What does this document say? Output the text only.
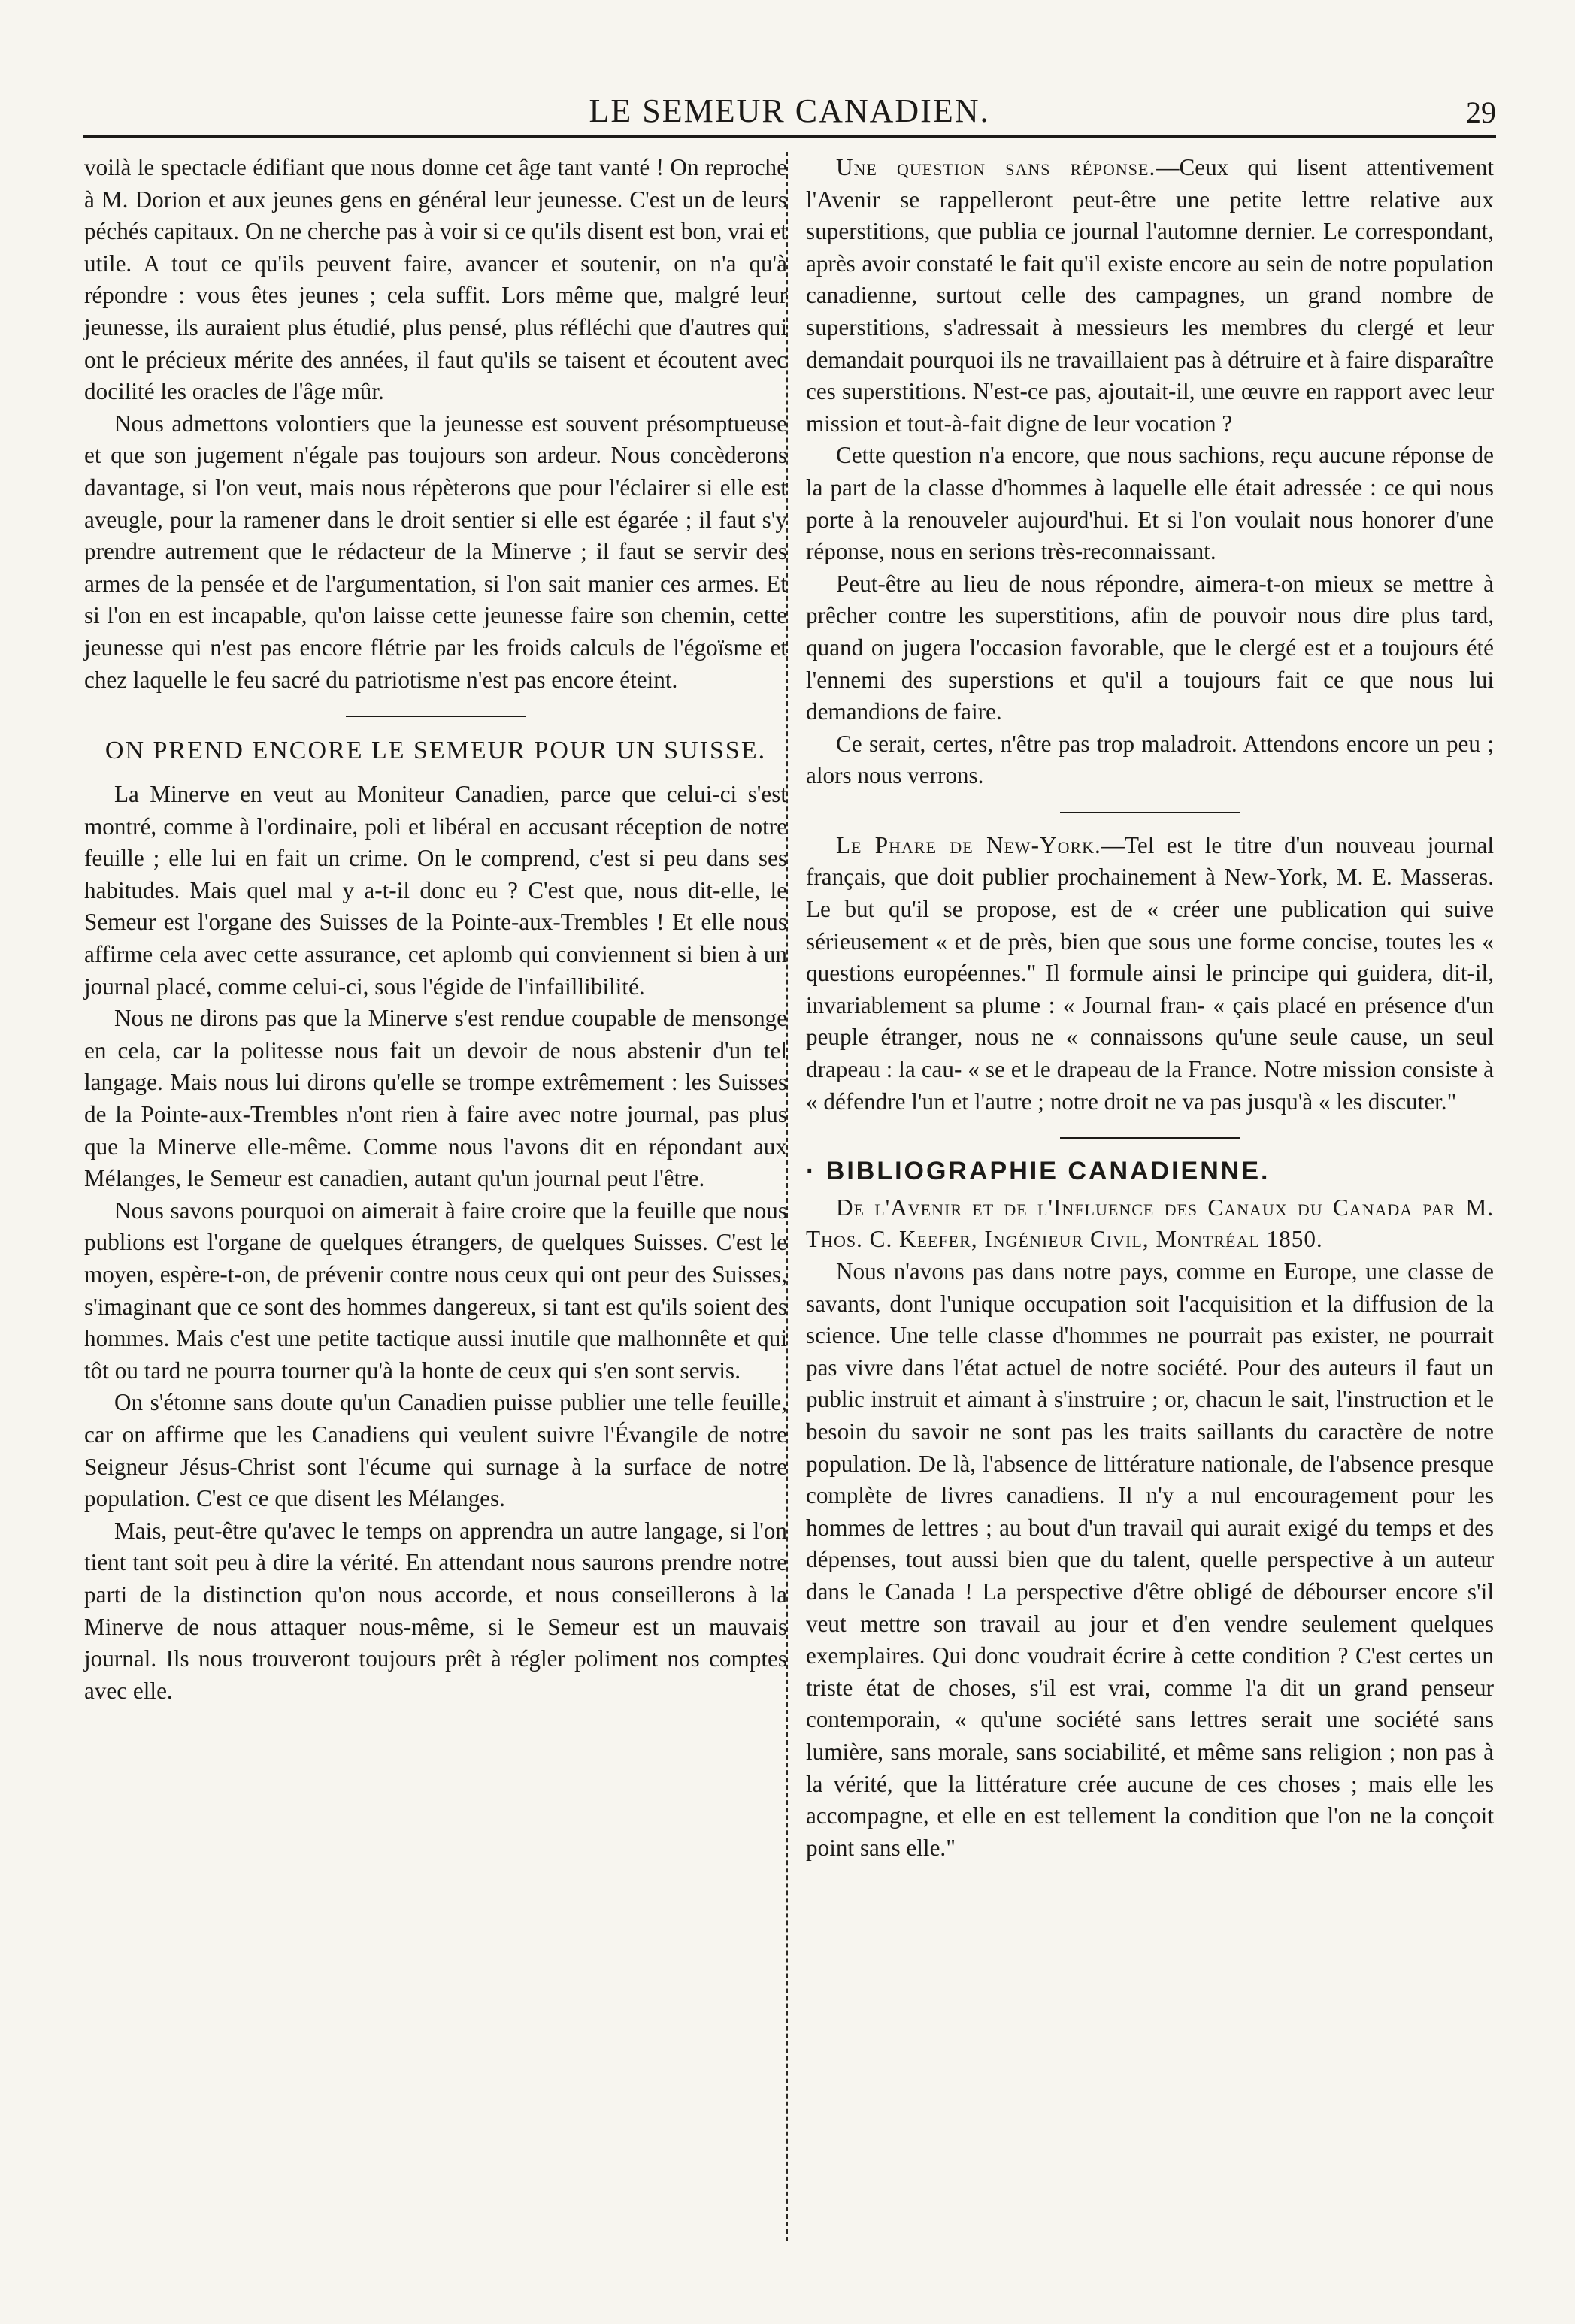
LE SEMEUR CANADIEN.	29

voilà le spectacle édifiant que nous donne cet âge tant vanté ! On reproche à M. Dorion et aux jeunes gens en général leur jeunesse. C'est un de leurs péchés capitaux. On ne cherche pas à voir si ce qu'ils disent est bon, vrai et utile. A tout ce qu'ils peuvent faire, avancer et soutenir, on n'a qu'à répondre : vous êtes jeunes ; cela suffit. Lors même que, malgré leur jeunesse, ils auraient plus étudié, plus pensé, plus réfléchi que d'autres qui ont le précieux mérite des années, il faut qu'ils se taisent et écoutent avec docilité les oracles de l'âge mûr.

Nous admettons volontiers que la jeunesse est souvent présomptueuse et que son jugement n'égale pas toujours son ardeur. Nous concèderons davantage, si l'on veut, mais nous répèterons que pour l'éclairer si elle est aveugle, pour la ramener dans le droit sentier si elle est égarée ; il faut s'y prendre autrement que le rédacteur de la Minerve ; il faut se servir des armes de la pensée et de l'argumentation, si l'on sait manier ces armes. Et si l'on en est incapable, qu'on laisse cette jeunesse faire son chemin, cette jeunesse qui n'est pas encore flétrie par les froids calculs de l'égoïsme et chez laquelle le feu sacré du patriotisme n'est pas encore éteint.

ON PREND ENCORE LE SEMEUR POUR UN SUISSE.

La Minerve en veut au Moniteur Canadien, parce que celui-ci s'est montré, comme à l'ordinaire, poli et libéral en accusant réception de notre feuille ; elle lui en fait un crime. On le comprend, c'est si peu dans ses habitudes. Mais quel mal y a-t-il donc eu ? C'est que, nous dit-elle, le Semeur est l'organe des Suisses de la Pointe-aux-Trembles ! Et elle nous affirme cela avec cette assurance, cet aplomb qui conviennent si bien à un journal placé, comme celui-ci, sous l'égide de l'infaillibilité.

Nous ne dirons pas que la Minerve s'est rendue coupable de mensonge en cela, car la politesse nous fait un devoir de nous abstenir d'un tel langage. Mais nous lui dirons qu'elle se trompe extrêmement : les Suisses de la Pointe-aux-Trembles n'ont rien à faire avec notre journal, pas plus que la Minerve elle-même. Comme nous l'avons dit en répondant aux Mélanges, le Semeur est canadien, autant qu'un journal peut l'être.

Nous savons pourquoi on aimerait à faire croire que la feuille que nous publions est l'organe de quelques étrangers, de quelques Suisses. C'est le moyen, espère-t-on, de prévenir contre nous ceux qui ont peur des Suisses, s'imaginant que ce sont des hommes dangereux, si tant est qu'ils soient des hommes. Mais c'est une petite tactique aussi inutile que malhonnête et qui tôt ou tard ne pourra tourner qu'à la honte de ceux qui s'en sont servis.

On s'étonne sans doute qu'un Canadien puisse publier une telle feuille, car on affirme que les Canadiens qui veulent suivre l'Évangile de notre Seigneur Jésus-Christ sont l'écume qui surnage à la surface de notre population. C'est ce que disent les Mélanges.

Mais, peut-être qu'avec le temps on apprendra un autre langage, si l'on tient tant soit peu à dire la vérité. En attendant nous saurons prendre notre parti de la distinction qu'on nous accorde, et nous conseillerons à la Minerve de nous attaquer nous-même, si le Semeur est un mauvais journal. Ils nous trouveront toujours prêt à régler poliment nos comptes avec elle.

Une question sans réponse.—Ceux qui lisent attentivement l'Avenir se rappelleront peut-être une petite lettre relative aux superstitions, que publia ce journal l'automne dernier. Le correspondant, après avoir constaté le fait qu'il existe encore au sein de notre population canadienne, surtout celle des campagnes, un grand nombre de superstitions, s'adressait à messieurs les membres du clergé et leur demandait pourquoi ils ne travaillaient pas à détruire et à faire disparaître ces superstitions. N'est-ce pas, ajoutait-il, une œuvre en rapport avec leur mission et tout-à-fait digne de leur vocation ?

Cette question n'a encore, que nous sachions, reçu aucune réponse de la part de la classe d'hommes à laquelle elle était adressée : ce qui nous porte à la renouveler aujourd'hui. Et si l'on voulait nous honorer d'une réponse, nous en serions très-reconnaissant.

Peut-être au lieu de nous répondre, aimera-t-on mieux se mettre à prêcher contre les superstitions, afin de pouvoir nous dire plus tard, quand on jugera l'occasion favorable, que le clergé est et a toujours été l'ennemi des superstions et qu'il a toujours fait ce que nous lui demandions de faire.

Ce serait, certes, n'être pas trop maladroit. Attendons encore un peu ; alors nous verrons.

Le Phare de New-York.—Tel est le titre d'un nouveau journal français, que doit publier prochainement à New-York, M. E. Masseras. Le but qu'il se propose, est de « créer une publication qui suive sérieusement « et de près, bien que sous une forme concise, toutes les « questions européennes." Il formule ainsi le principe qui guidera, dit-il, invariablement sa plume : « Journal fran- « çais placé en présence d'un peuple étranger, nous ne « connaissons qu'une seule cause, un seul drapeau : la cau- « se et le drapeau de la France. Notre mission consiste à « défendre l'un et l'autre ; notre droit ne va pas jusqu'à « les discuter."

· BIBLIOGRAPHIE CANADIENNE.

De l'Avenir et de l'Influence des Canaux du Canada par M. Thos. C. Keefer, Ingénieur Civil, Montréal 1850.

Nous n'avons pas dans notre pays, comme en Europe, une classe de savants, dont l'unique occupation soit l'acquisition et la diffusion de la science. Une telle classe d'hommes ne pourrait pas exister, ne pourrait pas vivre dans l'état actuel de notre société. Pour des auteurs il faut un public instruit et aimant à s'instruire ; or, chacun le sait, l'instruction et le besoin du savoir ne sont pas les traits saillants du caractère de notre population. De là, l'absence de littérature nationale, de l'absence presque complète de livres canadiens. Il n'y a nul encouragement pour les hommes de lettres ; au bout d'un travail qui aurait exigé du temps et des dépenses, tout aussi bien que du talent, quelle perspective à un auteur dans le Canada ! La perspective d'être obligé de débourser encore s'il veut mettre son travail au jour et d'en vendre seulement quelques exemplaires. Qui donc voudrait écrire à cette condition ? C'est certes un triste état de choses, s'il est vrai, comme l'a dit un grand penseur contemporain, « qu'une société sans lettres serait une société sans lumière, sans morale, sans sociabilité, et même sans religion ; non pas à la vérité, que la littérature crée aucune de ces choses ; mais elle les accompagne, et elle en est tellement la condition que l'on ne la conçoit point sans elle."
